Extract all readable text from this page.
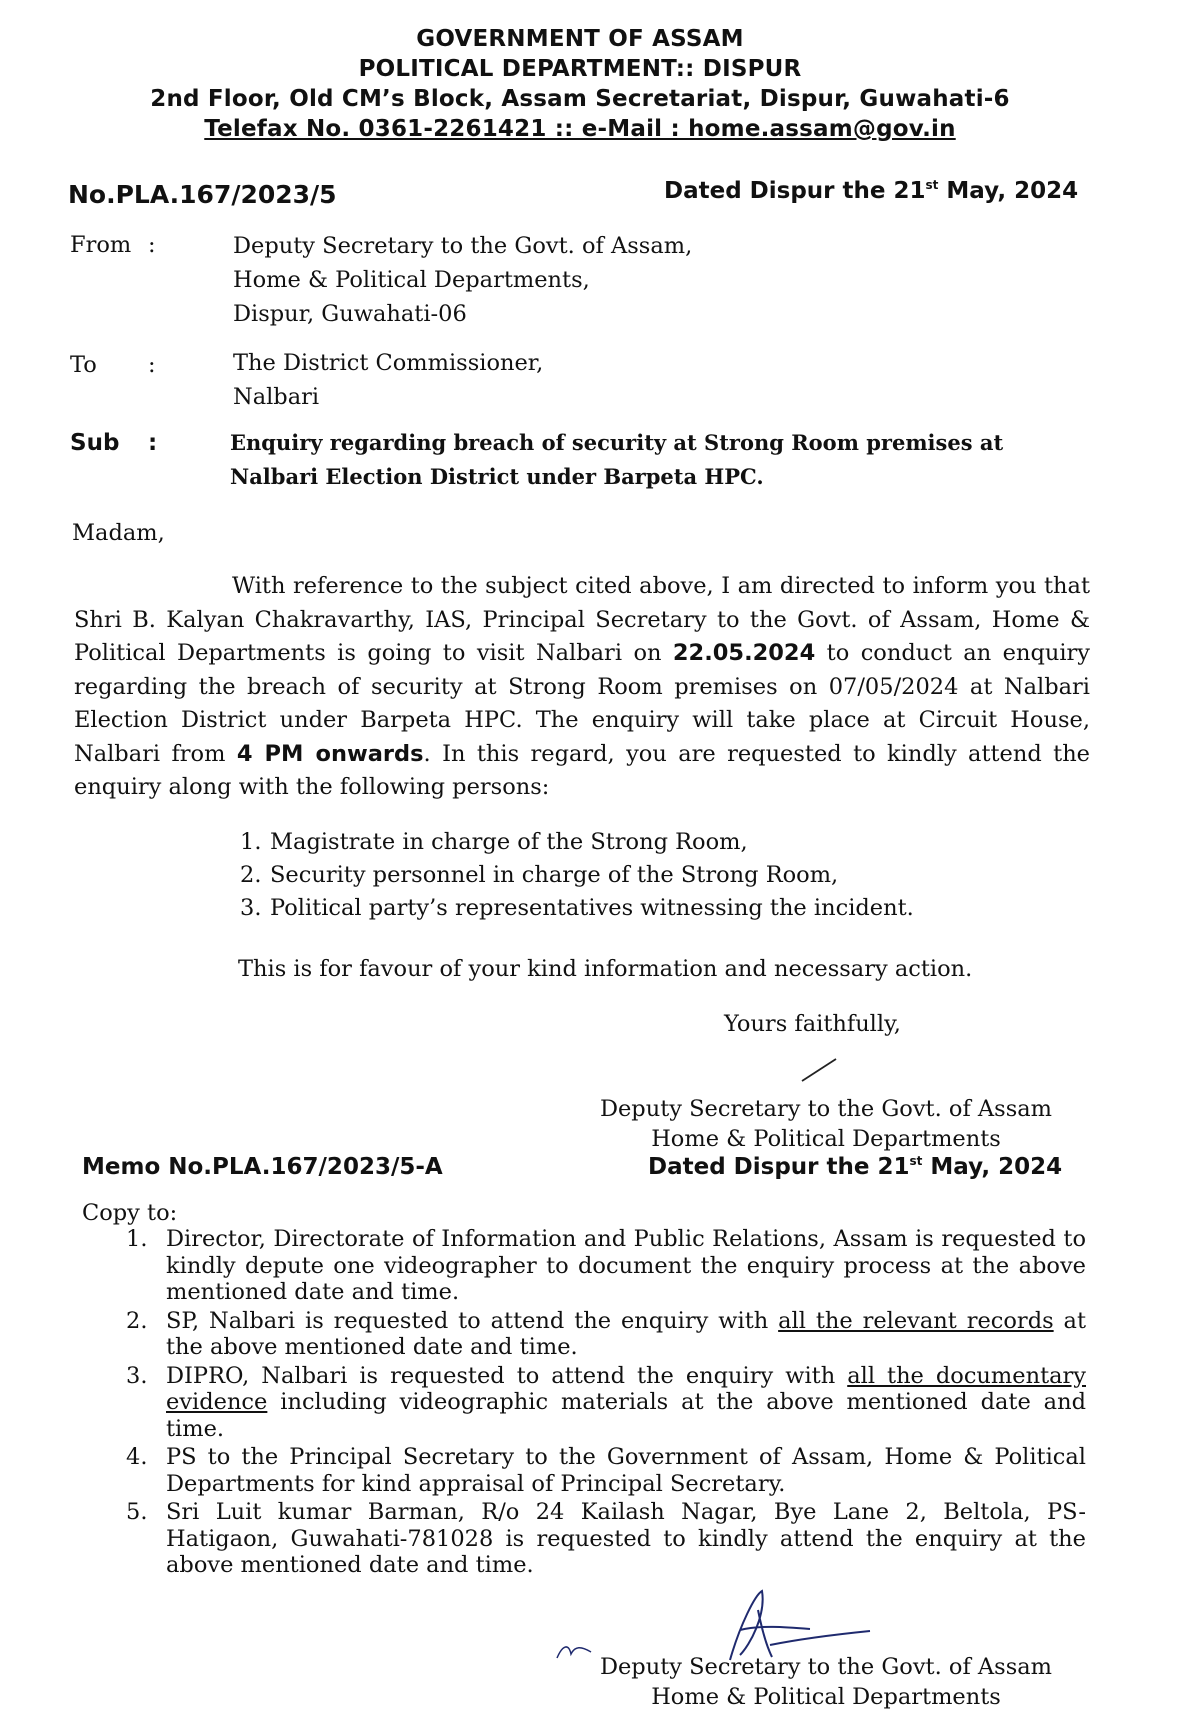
GOVERNMENT OF ASSAM
POLITICAL DEPARTMENT:: DISPUR
2nd Floor, Old CM’s Block, Assam Secretariat, Dispur, Guwahati-6
Telefax No. 0361-2261421 :: e-Mail : home.assam@gov.in
No.PLA.167/2023/5	Dated Dispur the 21st May, 2024
From :	Deputy Secretary to the Govt. of Assam,
Home & Political Departments,
Dispur, Guwahati-06
To :	The District Commissioner,
Nalbari
Sub :	Enquiry regarding breach of security at Strong Room premises at
Nalbari Election District under Barpeta HPC.
Madam,
With reference to the subject cited above, I am directed to inform you that Shri B. Kalyan Chakravarthy, IAS, Principal Secretary to the Govt. of Assam, Home & Political Departments is going to visit Nalbari on 22.05.2024 to conduct an enquiry regarding the breach of security at Strong Room premises on 07/05/2024 at Nalbari Election District under Barpeta HPC. The enquiry will take place at Circuit House, Nalbari from 4 PM onwards. In this regard, you are requested to kindly attend the enquiry along with the following persons:
1. Magistrate in charge of the Strong Room,
2. Security personnel in charge of the Strong Room,
3. Political party’s representatives witnessing the incident.
This is for favour of your kind information and necessary action.
Yours faithfully,
Deputy Secretary to the Govt. of Assam
Home & Political Departments
Memo No.PLA.167/2023/5-A	Dated Dispur the 21st May, 2024
Copy to:
1. Director, Directorate of Information and Public Relations, Assam is requested to kindly depute one videographer to document the enquiry process at the above mentioned date and time.
2. SP, Nalbari is requested to attend the enquiry with all the relevant records at the above mentioned date and time.
3. DIPRO, Nalbari is requested to attend the enquiry with all the documentary evidence including videographic materials at the above mentioned date and time.
4. PS to the Principal Secretary to the Government of Assam, Home & Political Departments for kind appraisal of Principal Secretary.
5. Sri Luit kumar Barman, R/o 24 Kailash Nagar, Bye Lane 2, Beltola, PS-Hatigaon, Guwahati-781028 is requested to kindly attend the enquiry at the above mentioned date and time.
Deputy Secretary to the Govt. of Assam
Home & Political Departments
